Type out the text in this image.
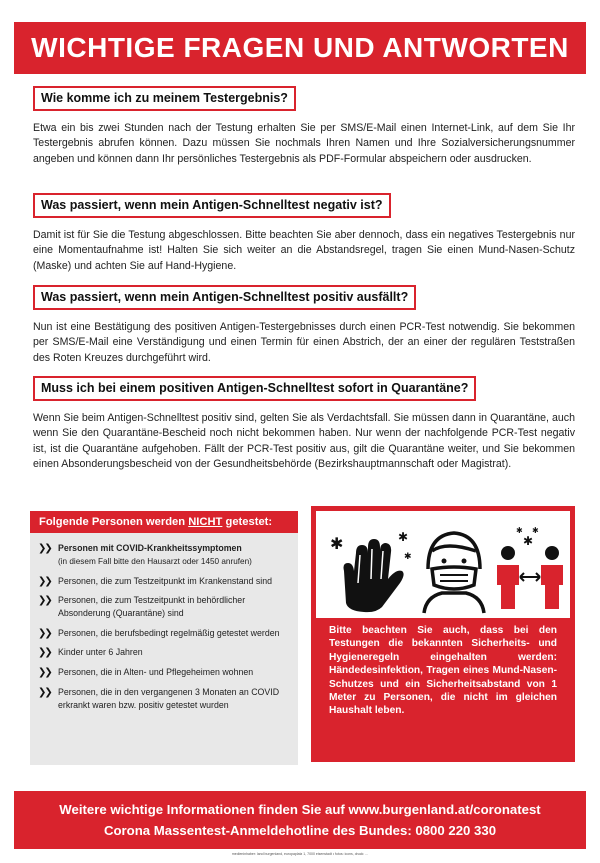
WICHTIGE FRAGEN UND ANTWORTEN
Wie komme ich zu meinem Testergebnis?

Etwa ein bis zwei Stunden nach der Testung erhalten Sie per SMS/E-Mail einen Internet-Link, auf dem Sie Ihr Testergebnis abrufen können. Dazu müssen Sie nochmals Ihren Namen und Ihre Sozialversicherungsnummer angeben und können dann Ihr persönliches Testergebnis als PDF-Formular abspeichern oder ausdrucken.

Was passiert, wenn mein Antigen-Schnelltest negativ ist?

Damit ist für Sie die Testung abgeschlossen. Bitte beachten Sie aber dennoch, dass ein negatives Testergebnis nur eine Momentaufnahme ist! Halten Sie sich weiter an die Abstandsregel, tragen Sie einen Mund-Nasen-Schutz (Maske) und achten Sie auf Hand-Hygiene.

Was passiert, wenn mein Antigen-Schnelltest positiv ausfällt?

Nun ist eine Bestätigung des positiven Antigen-Testergebnisses durch einen PCR-Test notwendig. Sie bekommen per SMS/E-Mail eine Verständigung und einen Termin für einen Abstrich, der an einer der regulären Teststraßen des Roten Kreuzes durchgeführt wird.

Muss ich bei einem positiven Antigen-Schnelltest sofort in Quarantäne?

Wenn Sie beim Antigen-Schnelltest positiv sind, gelten Sie als Verdachtsfall. Sie müssen dann in Quarantäne, auch wenn Sie den Quarantäne-Bescheid noch nicht bekommen haben. Nur wenn der nachfolgende PCR-Test negativ ist, ist die Quarantäne aufgehoben. Fällt der PCR-Test positiv aus, gilt die Quarantäne weiter, und Sie bekommen einen Absonderungsbescheid von der Gesundheitsbehörde (Bezirkshauptmannschaft oder Magistrat).

Folgende Personen werden NICHT getestet:
❯❯ Personen mit COVID-Krankheitssymptomen
(in diesem Fall bitte den Hausarzt oder 1450 anrufen)
❯❯ Personen, die zum Testzeitpunkt im Krankenstand sind
❯❯ Personen, die zum Testzeitpunkt in behördlicher Absonderung (Quarantäne) sind
❯❯ Personen, die berufsbedingt regelmäßig getestet werden
❯❯ Kinder unter 6 Jahren
❯❯ Personen, die in Alten- und Pflegeheimen wohnen
❯❯ Personen, die in den vergangenen 3 Monaten an COVID erkrankt waren bzw. positiv getestet wurden
✱	✱
✱
✱
✱ ✱

Bitte beachten Sie auch, dass bei den Testungen die bekannten Sicherheits- und Hygieneregeln eingehalten werden: Händedesinfektion, Tragen eines Mund-Nasen-Schutzes und ein Sicherheitsabstand von 1 Meter zu Personen, die nicht im gleichen Haushalt leben.

Weitere wichtige Informationen finden Sie auf www.burgenland.at/coronatest
Corona Massentest-Anmeldehotline des Bundes: 0800 220 330
medieninhaber: land burgenland, europaplatz 1, 7000 eisenstadt • fotos: icons, druck: ...
